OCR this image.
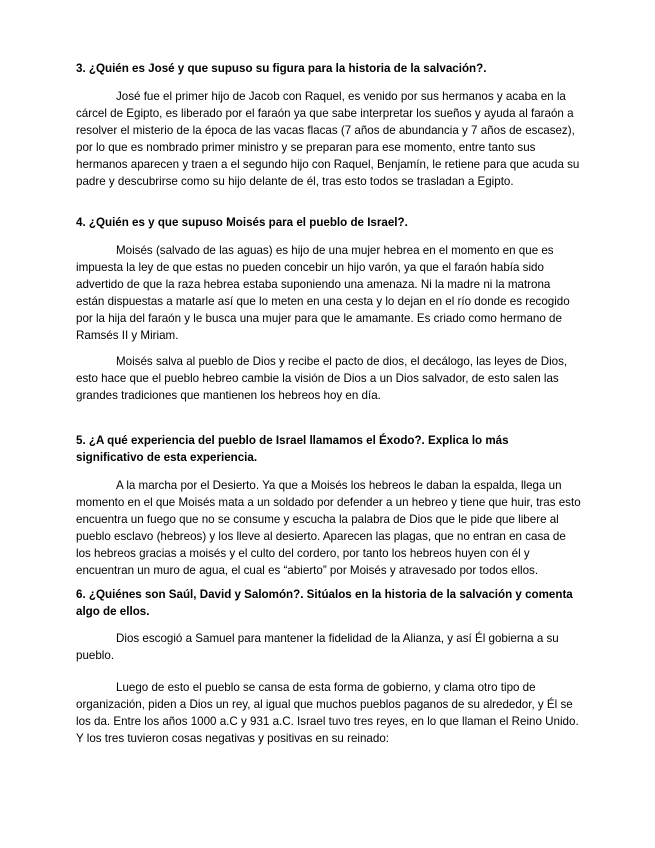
3. ¿Quién es José y que supuso su figura para la historia de la salvación?.

José fue el primer hijo de Jacob con Raquel, es venido por sus hermanos y acaba en la cárcel de Egipto, es liberado por el faraón ya que sabe interpretar los sueños y ayuda al faraón a resolver el misterio de la época de las vacas flacas (7 años de abundancia y 7 años de escasez), por lo que es nombrado primer ministro y se preparan para ese momento, entre tanto sus hermanos aparecen y traen a el segundo hijo con Raquel, Benjamín, le retiene para que acuda su padre y descubrirse como su hijo delante de él, tras esto todos se trasladan a Egipto.

4. ¿Quién es y que supuso Moisés para el pueblo de Israel?.

Moisés (salvado de las aguas) es hijo de una mujer hebrea en el momento en que es impuesta la ley de que estas no pueden concebir un hijo varón, ya que el faraón había sido advertido de que la raza hebrea estaba suponiendo una amenaza. Ni la madre ni la matrona están dispuestas a matarle así que lo meten en una cesta y lo dejan en el río donde es recogido por la hija del faraón y le busca una mujer para que le amamante. Es criado como hermano de Ramsés II y Miriam.

Moisés salva al pueblo de Dios y recibe el pacto de dios, el decálogo, las leyes de Dios, esto hace que el pueblo hebreo cambie la visión de Dios a un Dios salvador, de esto salen las grandes tradiciones que mantienen los hebreos hoy en día.

5. ¿A qué experiencia del pueblo de Israel llamamos el Éxodo?. Explica lo más significativo de esta experiencia.

A la marcha por el Desierto. Ya que a Moisés los hebreos le daban la espalda, llega un momento en el que Moisés mata a un soldado por defender a un hebreo y tiene que huir, tras esto encuentra un fuego que no se consume y escucha la palabra de Dios que le pide que libere al pueblo esclavo (hebreos) y los lleve al desierto. Aparecen las plagas, que no entran en casa de los hebreos gracias a moisés y el culto del cordero, por tanto los hebreos huyen con él y encuentran un muro de agua, el cual es “abierto” por Moisés y atravesado por todos ellos.

6. ¿Quiénes son Saúl, David y Salomón?. Sitúalos en la historia de la salvación y comenta algo de ellos.

Dios escogió a Samuel para mantener la fidelidad de la Alianza, y así Él gobierna a su pueblo.

Luego de esto el pueblo se cansa de esta forma de gobierno, y clama otro tipo de organización, piden a Dios un rey, al igual que muchos pueblos paganos de su alrededor, y Él se los da. Entre los años 1000 a.C y 931 a.C. Israel tuvo tres reyes, en lo que llaman el Reino Unido. Y los tres tuvieron cosas negativas y positivas en su reinado:
